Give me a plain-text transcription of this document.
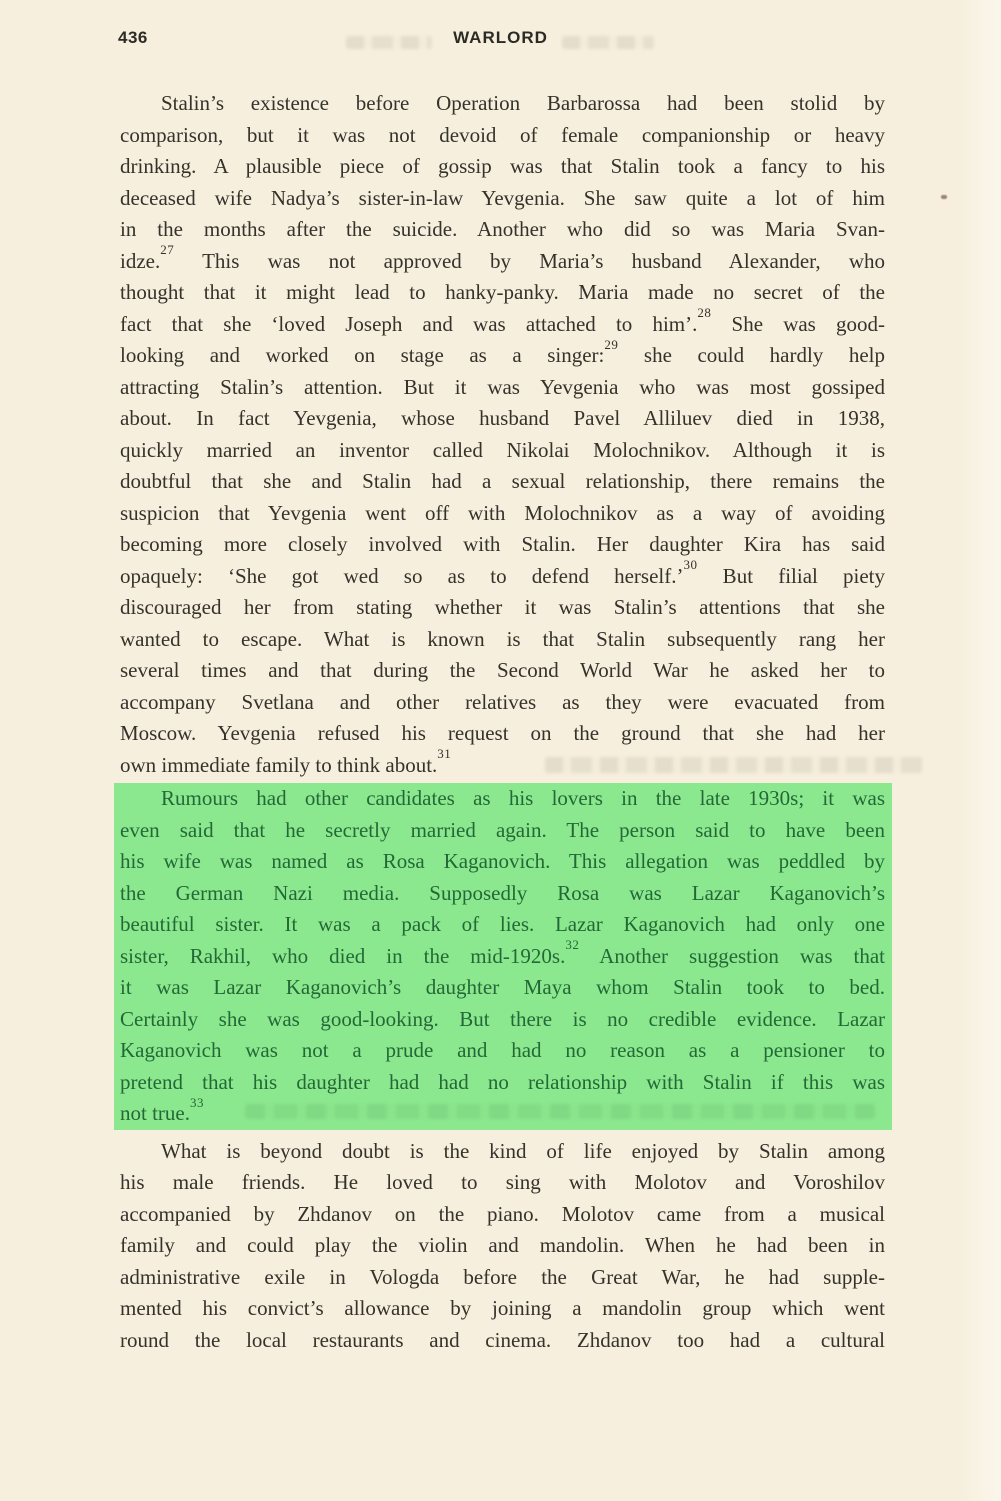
436	WARLORD

Stalin’s existence before Operation Barbarossa had been stolid by
comparison, but it was not devoid of female companionship or heavy
drinking. A plausible piece of gossip was that Stalin took a fancy to his
deceased wife Nadya’s sister-in-law Yevgenia. She saw quite a lot of him
in the months after the suicide. Another who did so was Maria Svan-
idze.$^{27}$ This was not approved by Maria’s husband Alexander, who
thought that it might lead to hanky-panky. Maria made no secret of the
fact that she ‘loved Joseph and was attached to him’.$^{28}$ She was good-
looking and worked on stage as a singer:$^{29}$ she could hardly help
attracting Stalin’s attention. But it was Yevgenia who was most gossiped
about. In fact Yevgenia, whose husband Pavel Alliluev died in 1938,
quickly married an inventor called Nikolai Molochnikov. Although it is
doubtful that she and Stalin had a sexual relationship, there remains the
suspicion that Yevgenia went off with Molochnikov as a way of avoiding
becoming more closely involved with Stalin. Her daughter Kira has said
opaquely: ‘She got wed so as to defend herself.’$^{30}$ But filial piety
discouraged her from stating whether it was Stalin’s attentions that she
wanted to escape. What is known is that Stalin subsequently rang her
several times and that during the Second World War he asked her to
accompany Svetlana and other relatives as they were evacuated from
Moscow. Yevgenia refused his request on the ground that she had her
own immediate family to think about.$^{31}$

Rumours had other candidates as his lovers in the late 1930s; it was
even said that he secretly married again. The person said to have been
his wife was named as Rosa Kaganovich. This allegation was peddled by
the German Nazi media. Supposedly Rosa was Lazar Kaganovich’s
beautiful sister. It was a pack of lies. Lazar Kaganovich had only one
sister, Rakhil, who died in the mid-1920s.$^{32}$ Another suggestion was that
it was Lazar Kaganovich’s daughter Maya whom Stalin took to bed.
Certainly she was good-looking. But there is no credible evidence. Lazar
Kaganovich was not a prude and had no reason as a pensioner to
pretend that his daughter had had no relationship with Stalin if this was
not true.$^{33}$

What is beyond doubt is the kind of life enjoyed by Stalin among
his male friends. He loved to sing with Molotov and Voroshilov
accompanied by Zhdanov on the piano. Molotov came from a musical
family and could play the violin and mandolin. When he had been in
administrative exile in Vologda before the Great War, he had supple-
mented his convict’s allowance by joining a mandolin group which went
round the local restaurants and cinema. Zhdanov too had a cultural
